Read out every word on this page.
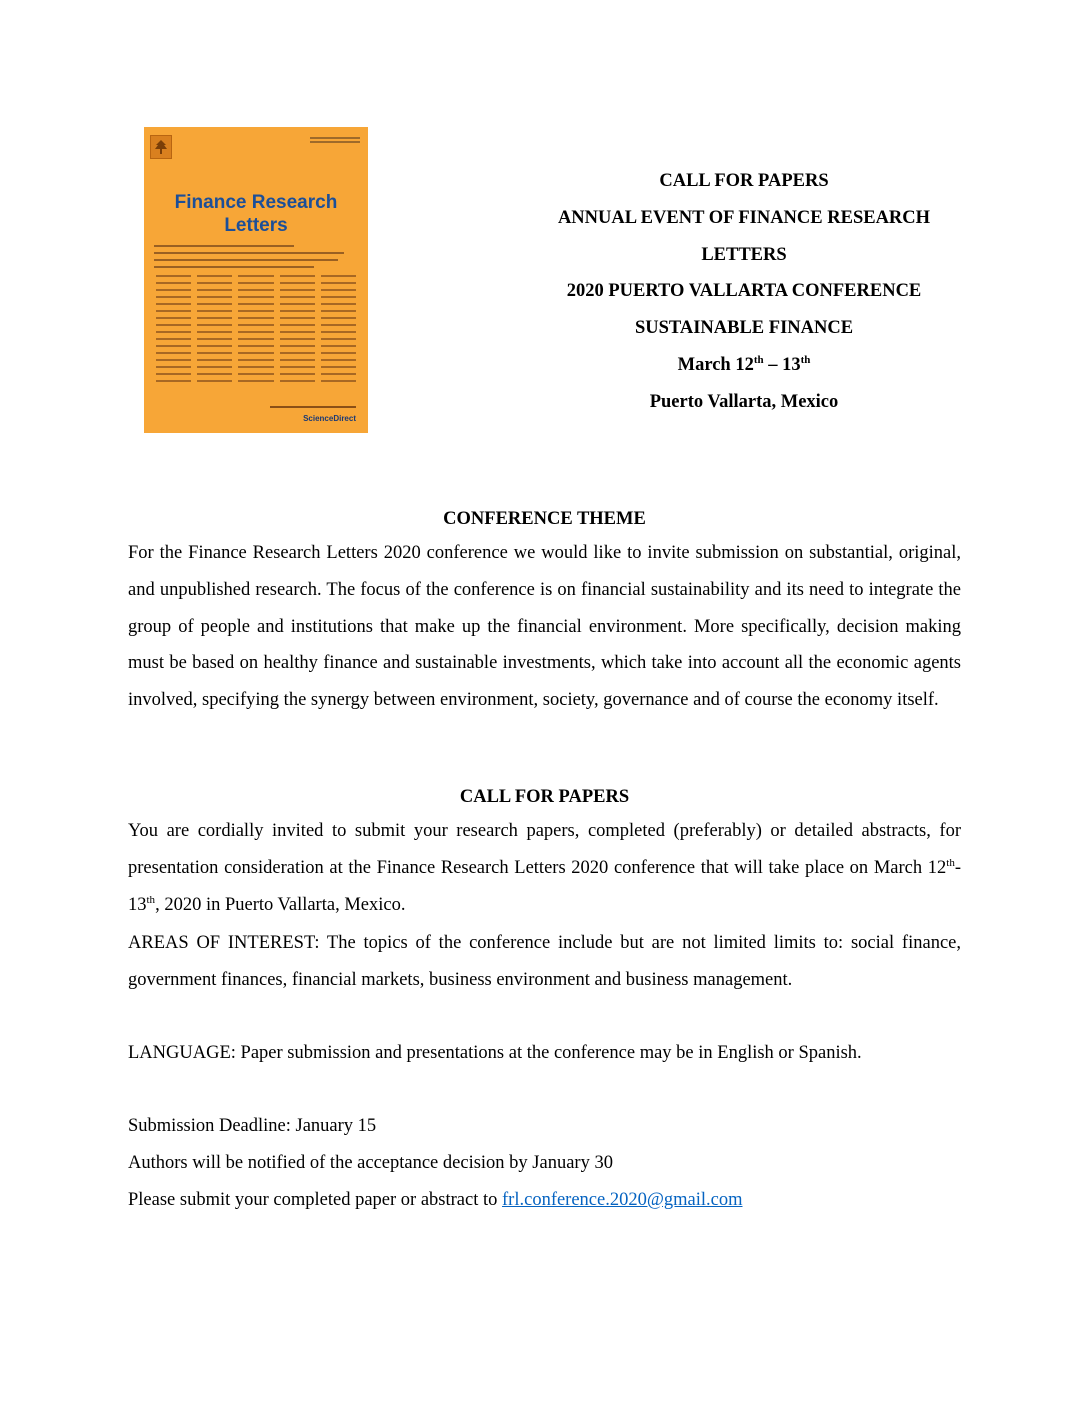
Finance Research Letters
ScienceDirect
CALL FOR PAPERS
ANNUAL EVENT OF FINANCE RESEARCH
LETTERS
2020 PUERTO VALLARTA CONFERENCE
SUSTAINABLE FINANCE
March 12th – 13th
Puerto Vallarta, Mexico
CONFERENCE THEME
For the Finance Research Letters 2020 conference we would like to invite submission on substantial, original, and unpublished research. The focus of the conference is on financial sustainability and its need to integrate the group of people and institutions that make up the financial environment. More specifically, decision making must be based on healthy finance and sustainable investments, which take into account all the economic agents involved, specifying the synergy between environment, society, governance and of course the economy itself.
CALL FOR PAPERS
You are cordially invited to submit your research papers, completed (preferably) or detailed abstracts, for presentation consideration at the Finance Research Letters 2020 conference that will take place on March 12th-13th, 2020 in Puerto Vallarta, Mexico.
AREAS OF INTEREST: The topics of the conference include but are not limited limits to: social finance, government finances, financial markets, business environment and business management.
LANGUAGE: Paper submission and presentations at the conference may be in English or Spanish.
Submission Deadline: January 15
Authors will be notified of the acceptance decision by January 30
Please submit your completed paper or abstract to frl.conference.2020@gmail.com
